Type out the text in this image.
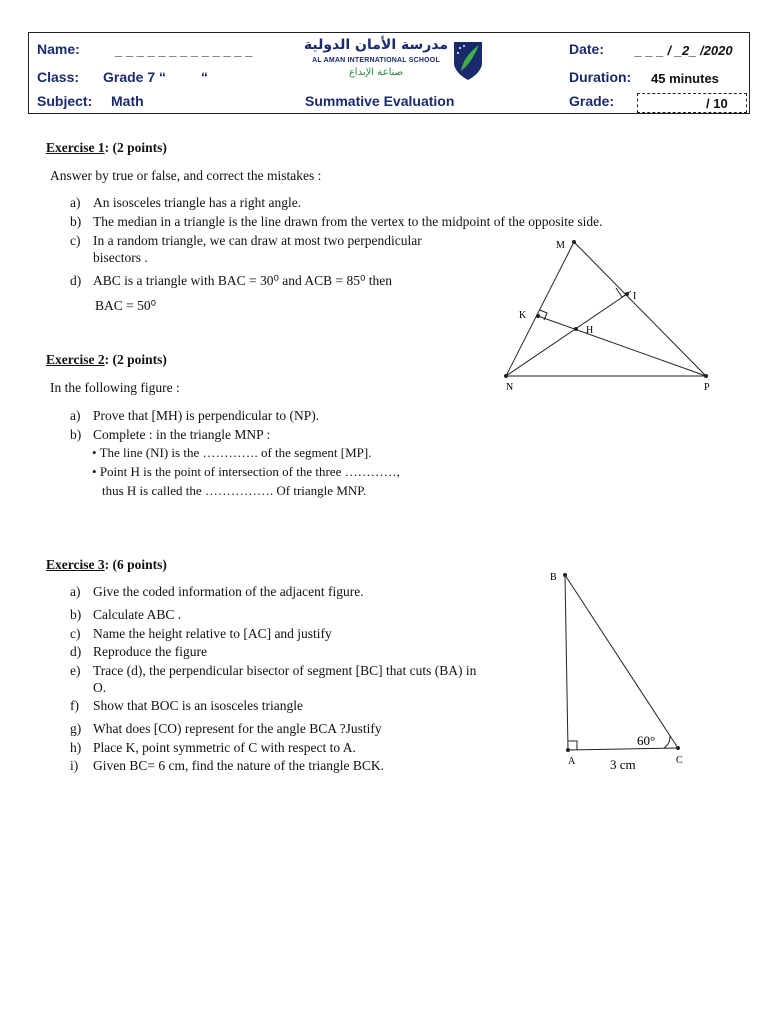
Name:	_ _ _ _ _ _ _ _ _ _ _ _ _
Class: Grade 7 “ “
Subject: Math
مدرسة الأمان الدولية
AL AMAN INTERNATIONAL SCHOOL
صناعة الإبداع
Summative Evaluation
Date: _ _ _ / _2_ /2020
Duration: 45 minutes
Grade:	/ 10
Exercise 1: (2 points)
Answer by true or false, and correct the mistakes :
a) An isosceles triangle has a right angle.
b) The median in a triangle is the line drawn from the vertex to the midpoint of the opposite side.
c) In a random triangle, we can draw at most two perpendicular
bisectors .
d) ABC is a triangle with BAC = 30⁰ and ACB = 85⁰ then
BAC = 50⁰
M
I
K
H
N	P
Exercise 2: (2 points)
In the following figure :
a) Prove that [MH) is perpendicular to (NP).
b) Complete : in the triangle MNP :
• The line (NI) is the …………. of the segment [MP].
• Point H is the point of intersection of the three …………,
thus H is called the ……………. Of triangle MNP.
Exercise 3: (6 points)
a) Give the coded information of the adjacent figure.
b) Calculate ABC .
c) Name the height relative to [AC] and justify
d) Reproduce the figure
e) Trace (d), the perpendicular bisector of segment [BC] that cuts (BA) in
O.
f) Show that BOC is an isosceles triangle
g) What does [CO) represent for the angle BCA ?Justify
h) Place K, point symmetric of C with respect to A.
i) Given BC= 6 cm, find the nature of the triangle BCK.
B
A	C
60°
3 cm
